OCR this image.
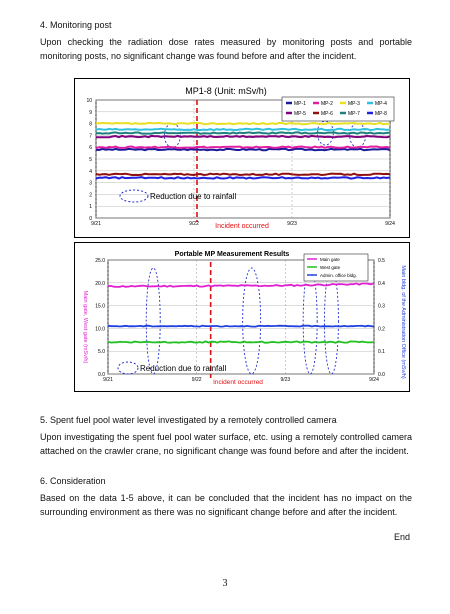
4. Monitoring post
Upon checking the radiation dose rates measured by monitoring posts and portable monitoring posts, no significant change was found before and after the incident.
MP1-8 (Unit: mSv/h)
0
1
2
3
4
5
6
7
8
9
10
9/21	9/22	9/23	9/24
MP-1	MP-2	MP-3	MP-4
MP-5	MP-6	MP-7	MP-8
Reduction due to rainfall
Incident occurred
Portable MP Measurement Results
0.0
5.0
10.0
15.0
20.0
25.0
0.0
0.1
0.2
0.3
0.4
0.5
9/21	9/22	9/23	9/24
Main gate
West gate
Admin. office bldg.
Main gate, West gate (mSv/h)	Main bldg. of the Administration Office (mSv/h)
Reduction due to rainfall
Incident occurred
5. Spent fuel pool water level investigated by a remotely controlled camera
Upon investigating the spent fuel pool water surface, etc. using a remotely controlled camera attached on the crawler crane, no significant change was found before and after the incident.
6. Consideration
Based on the data 1-5 above, it can be concluded that the incident has no impact on the surrounding environment as there was no significant change before and after the incident.
End
3
